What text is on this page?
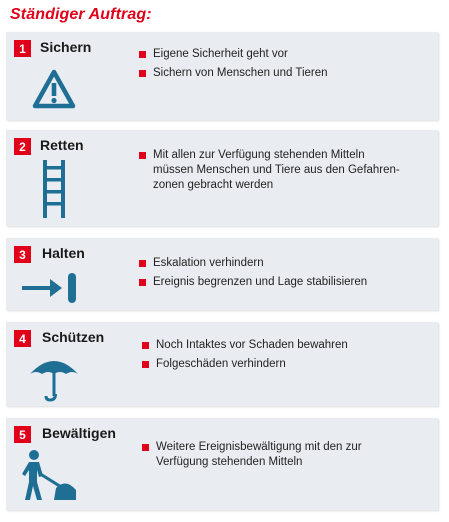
Ständiger Auftrag:
1	Sichern	Eigene Sicherheit geht vor
Sichern von Menschen und Tieren
2	Retten
Mit allen zur Verfügung stehenden Mitteln
müssen Menschen und Tiere aus den Gefahren-
zonen gebracht werden
3	Halten
Eskalation verhindern
Ereignis begrenzen und Lage stabilisieren
4	Schützen	Noch Intaktes vor Schaden bewahren
Folgeschäden verhindern
5	Bewältigen
Weitere Ereignisbewältigung mit den zur
Verfügung stehenden Mitteln
